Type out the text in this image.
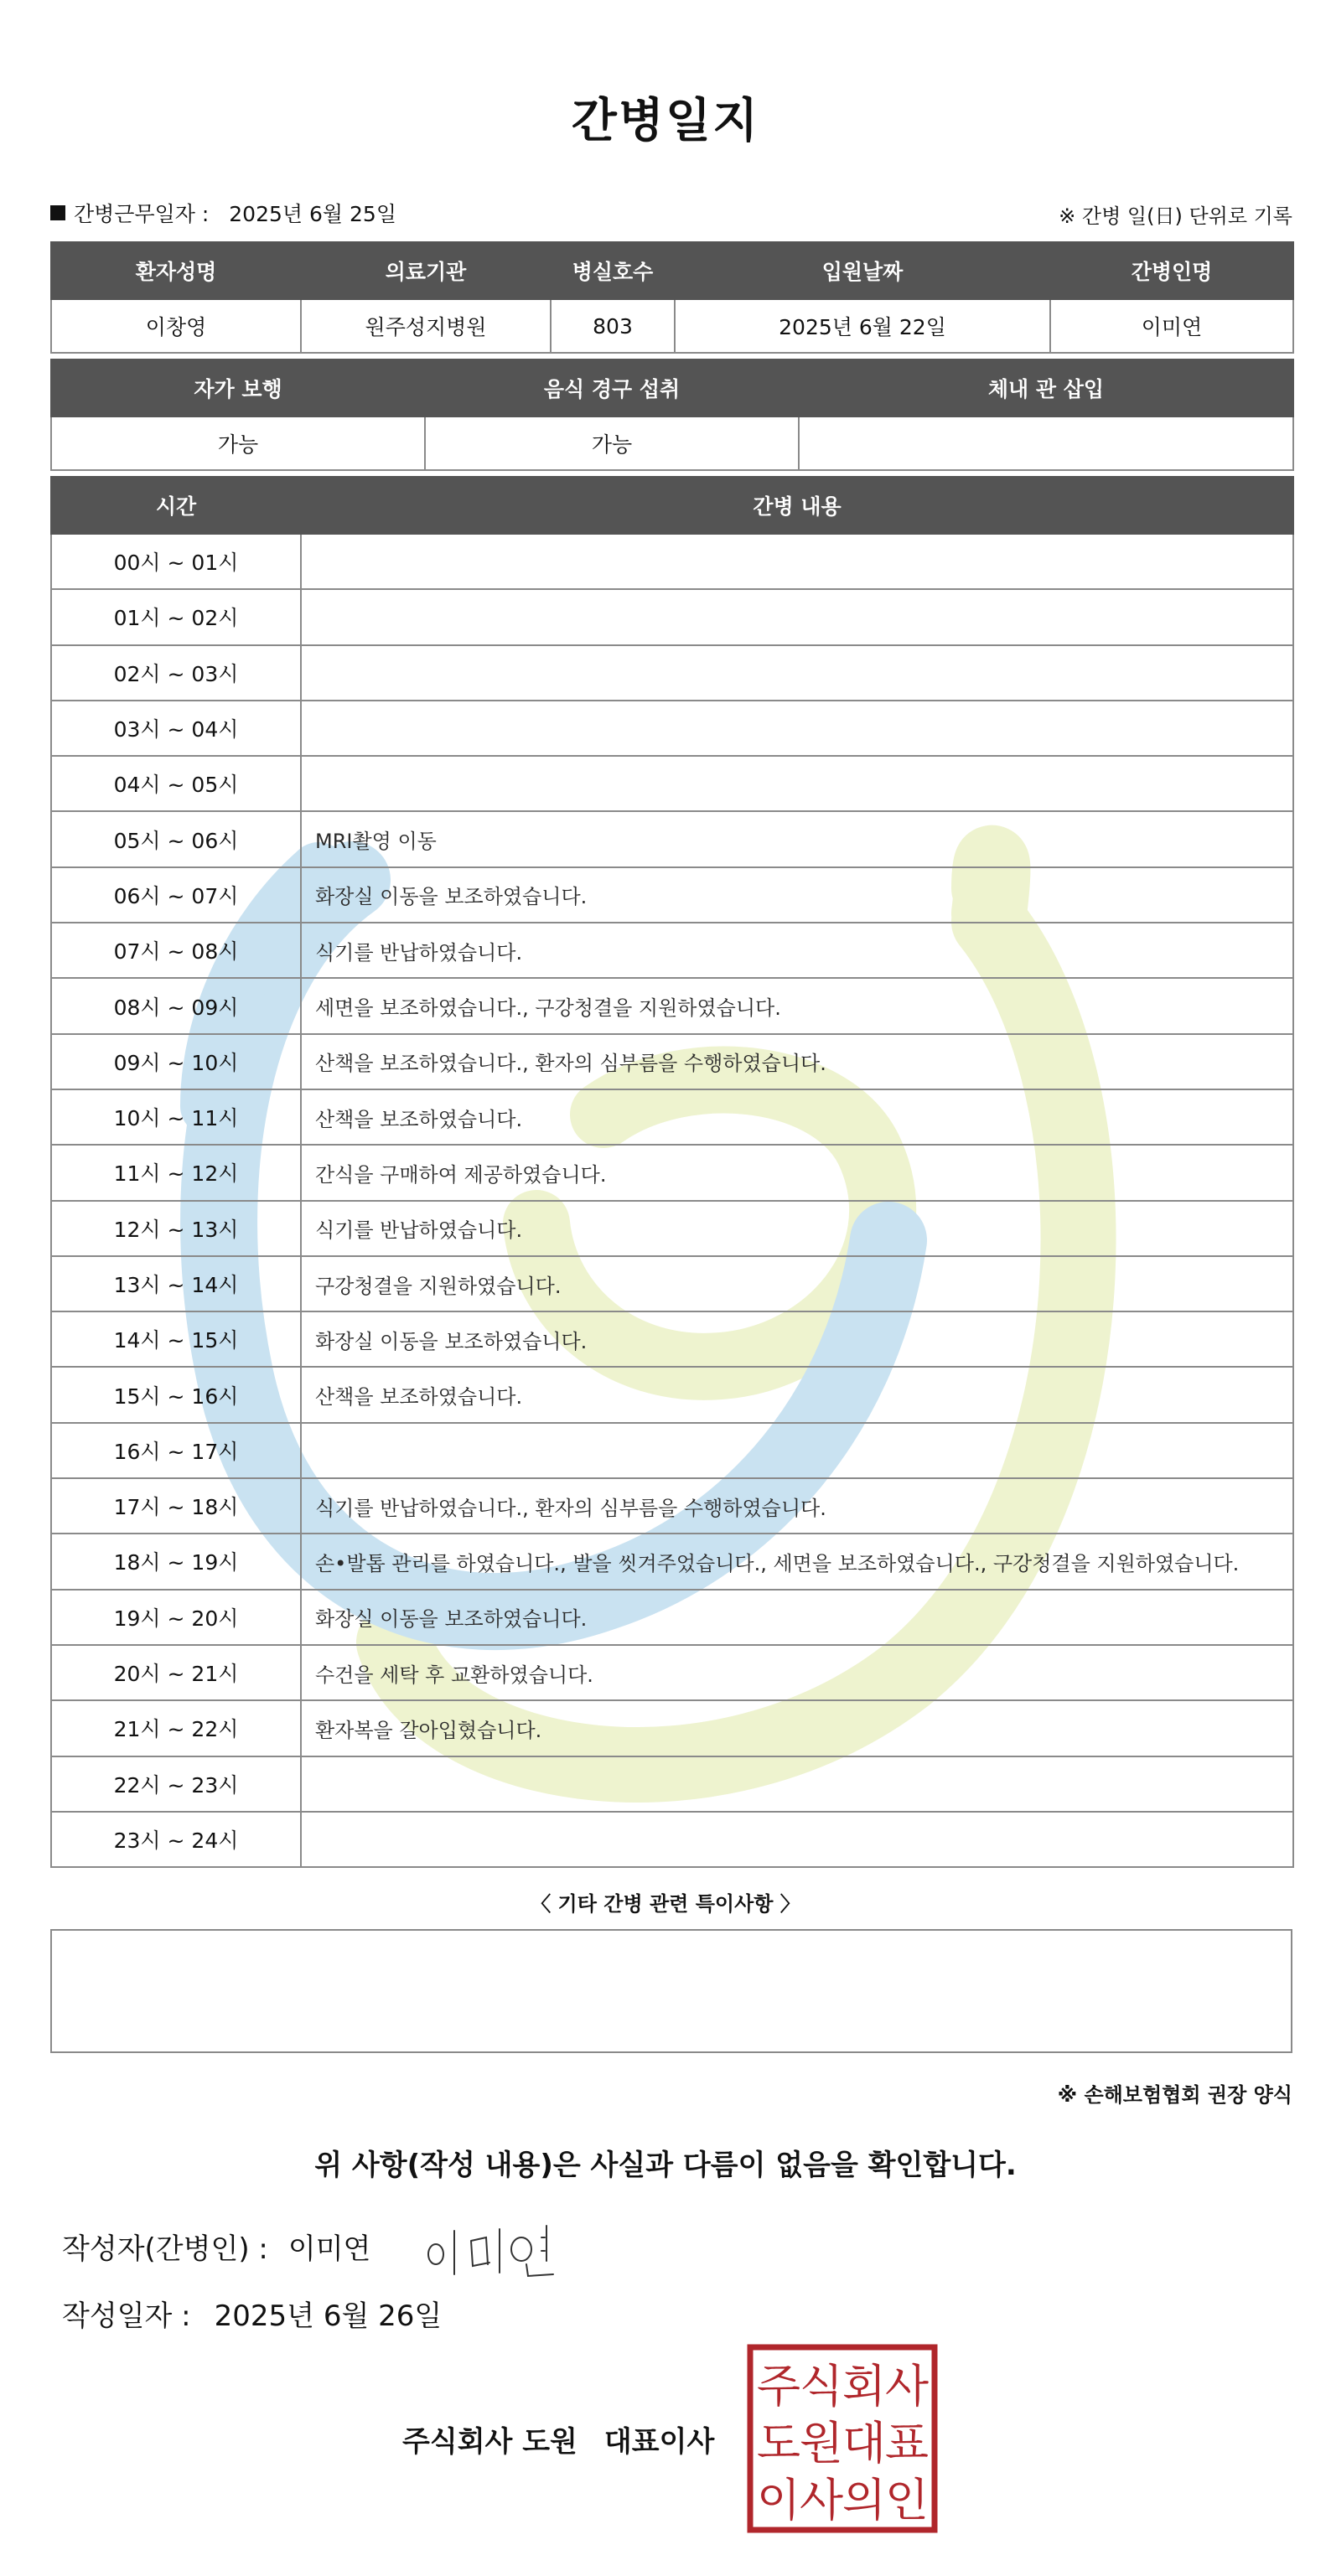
간병일지
간병근무일자 : 2025년 6월 25일	※ 간병 일(日) 단위로 기록
환자성명	의료기관	병실호수	입원날짜	간병인명
이창영	원주성지병원	803	2025년 6월 22일	이미연
자가 보행	음식 경구 섭취	체내 관 삽입
가능	가능	
시간	간병 내용
00시 ~ 01시	
01시 ~ 02시	
02시 ~ 03시	
03시 ~ 04시	
04시 ~ 05시	
05시 ~ 06시	MRI촬영 이동
06시 ~ 07시	화장실 이동을 보조하였습니다.
07시 ~ 08시	식기를 반납하였습니다.
08시 ~ 09시	세면을 보조하였습니다., 구강청결을 지원하였습니다.
09시 ~ 10시	산책을 보조하였습니다., 환자의 심부름을 수행하였습니다.
10시 ~ 11시	산책을 보조하였습니다.
11시 ~ 12시	간식을 구매하여 제공하였습니다.
12시 ~ 13시	식기를 반납하였습니다.
13시 ~ 14시	구강청결을 지원하였습니다.
14시 ~ 15시	화장실 이동을 보조하였습니다.
15시 ~ 16시	산책을 보조하였습니다.
16시 ~ 17시	
17시 ~ 18시	식기를 반납하였습니다., 환자의 심부름을 수행하였습니다.
18시 ~ 19시	손•발톱 관리를 하였습니다., 발을 씻겨주었습니다., 세면을 보조하였습니다., 구강청결을 지원하였습니다.
19시 ~ 20시	화장실 이동을 보조하였습니다.
20시 ~ 21시	수건을 세탁 후 교환하였습니다.
21시 ~ 22시	환자복을 갈아입혔습니다.
22시 ~ 23시	
23시 ~ 24시	
〈 기타 간병 관련 특이사항 〉
※ 손해보험협회 권장 양식
위 사항(작성 내용)은 사실과 다름이 없음을 확인합니다.
작성자(간병인) : 이미연
작성일자 : 2025년 6월 26일
주식회사 도원 대표이사
주
식
회
사
도
원
대
표
이
사
의
인
